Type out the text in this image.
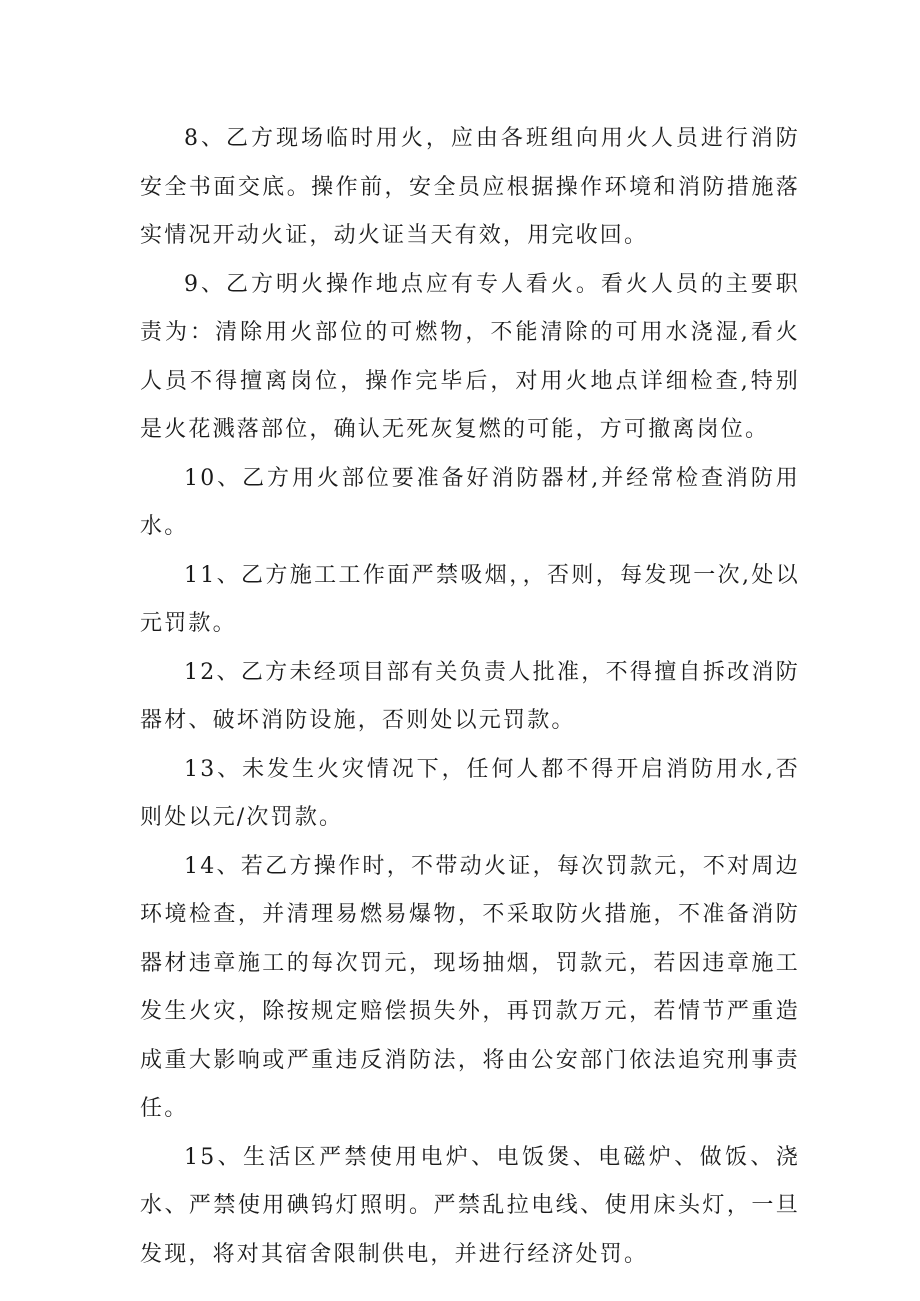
8、乙方现场临时用火，应由各班组向用火人员进行消防安全书面交底。操作前，安全员应根据操作环境和消防措施落实情况开动火证，动火证当天有效，用完收回。

9、乙方明火操作地点应有专人看火。看火人员的主要职责为：清除用火部位的可燃物，不能清除的可用水浇湿,看火人员不得擅离岗位，操作完毕后，对用火地点详细检查,特别是火花溅落部位，确认无死灰复燃的可能，方可撤离岗位。

10、乙方用火部位要准备好消防器材,并经常检查消防用水。

11、乙方施工工作面严禁吸烟，，否则，每发现一次,处以元罚款。

12、乙方未经项目部有关负责人批准，不得擅自拆改消防器材、破坏消防设施，否则处以元罚款。

13、未发生火灾情况下，任何人都不得开启消防用水,否则处以元/次罚款。

14、若乙方操作时，不带动火证，每次罚款元，不对周边环境检查，并清理易燃易爆物，不采取防火措施，不准备消防器材违章施工的每次罚元，现场抽烟，罚款元，若因违章施工发生火灾，除按规定赔偿损失外，再罚款万元，若情节严重造成重大影响或严重违反消防法，将由公安部门依法追究刑事责任。

15、生活区严禁使用电炉、电饭煲、电磁炉、做饭、浇水、严禁使用碘钨灯照明。严禁乱拉电线、使用床头灯，一旦发现，将对其宿舍限制供电，并进行经济处罚。
